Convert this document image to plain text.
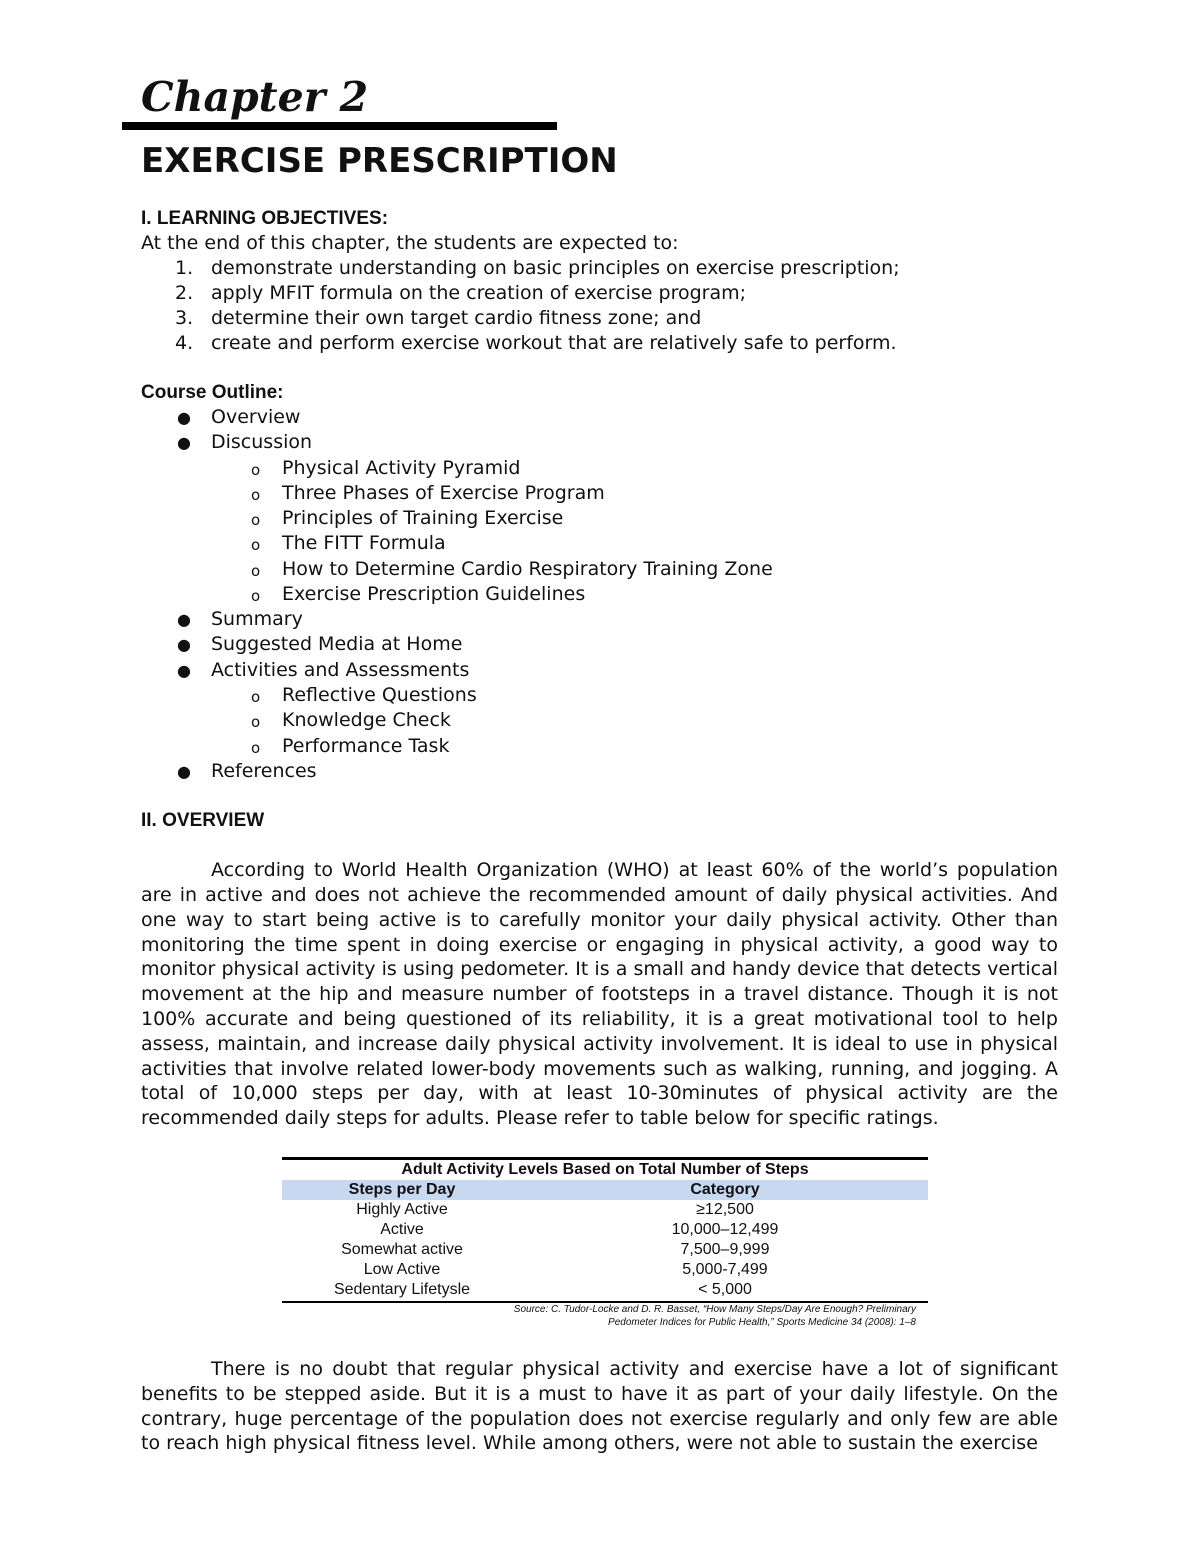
Chapter 2
EXERCISE PRESCRIPTION

I. LEARNING OBJECTIVES:

At the end of this chapter, the students are expected to:

1. demonstrate understanding on basic principles on exercise prescription;
2. apply MFIT formula on the creation of exercise program;
3. determine their own target cardio fitness zone; and
4. create and perform exercise workout that are relatively safe to perform.

Course Outline:

● Overview
● Discussion
o Physical Activity Pyramid
o Three Phases of Exercise Program
o Principles of Training Exercise
o The FITT Formula
o How to Determine Cardio Respiratory Training Zone
o Exercise Prescription Guidelines
● Summary
● Suggested Media at Home
● Activities and Assessments
o Reflective Questions
o Knowledge Check
o Performance Task
● References

II. OVERVIEW

According to World Health Organization (WHO) at least 60% of the world’s population are in active and does not achieve the recommended amount of daily physical activities. And one way to start being active is to carefully monitor your daily physical activity. Other than monitoring the time spent in doing exercise or engaging in physical activity, a good way to monitor physical activity is using pedometer. It is a small and handy device that detects vertical movement at the hip and measure number of footsteps in a travel distance. Though it is not 100% accurate and being questioned of its reliability, it is a great motivational tool to help assess, maintain, and increase daily physical activity involvement. It is ideal to use in physical activities that involve related lower-body movements such as walking, running, and jogging. A total of 10,000 steps per day, with at least 10-30minutes of physical activity are the recommended daily steps for adults. Please refer to table below for specific ratings.

Adult Activity Levels Based on Total Number of Steps
Steps per Day	Category
Highly Active	≥12,500
Active	10,000–12,499
Somewhat active	7,500–9,999
Low Active	5,000-7,499
Sedentary Lifetysle	< 5,000
Source: C. Tudor-Locke and D. R. Basset, “How Many Steps/Day Are Enough? Preliminary
Pedometer Indices for Public Health,” Sports Medicine 34 (2008): 1–8

There is no doubt that regular physical activity and exercise have a lot of significant benefits to be stepped aside. But it is a must to have it as part of your daily lifestyle. On the contrary, huge percentage of the population does not exercise regularly and only few are able to reach high physical fitness level. While among others, were not able to sustain the exercise
